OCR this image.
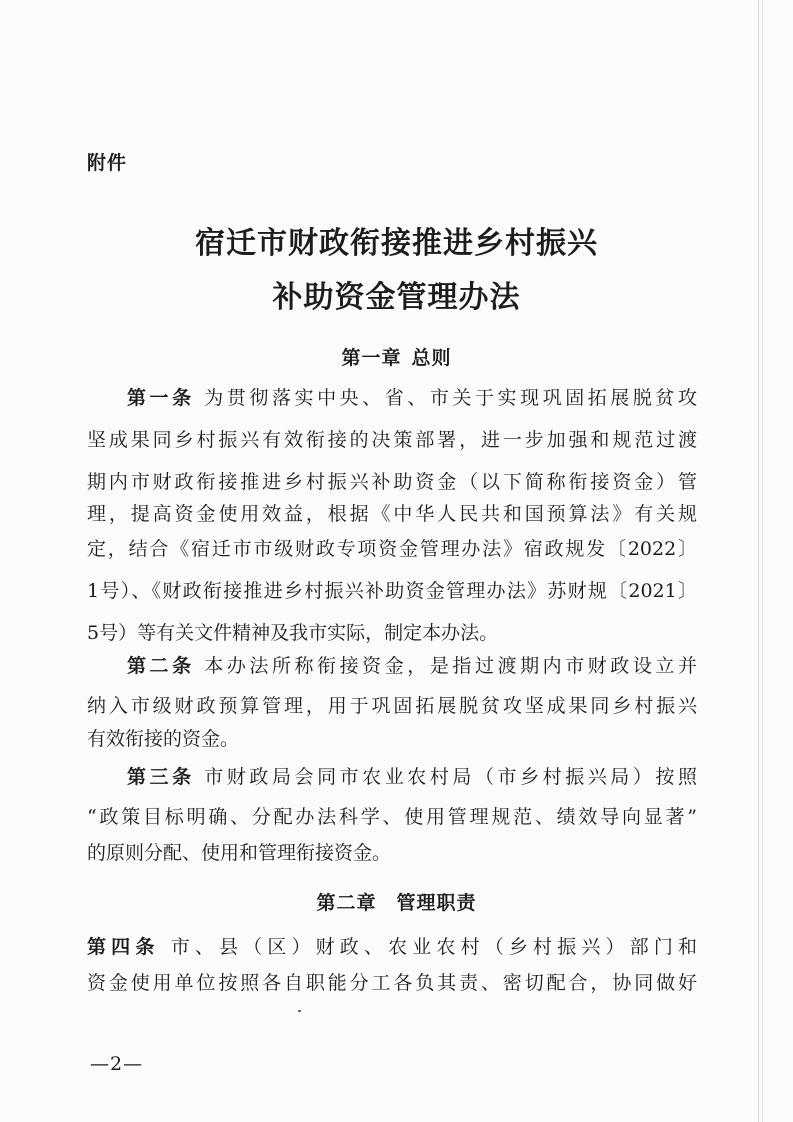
附件
宿迁市财政衔接推进乡村振兴
补助资金管理办法
第一章 总则
第一条 为贯彻落实中央、省、市关于实现巩固拓展脱贫攻
坚成果同乡村振兴有效衔接的决策部署，进一步加强和规范过渡
期内市财政衔接推进乡村振兴补助资金（以下简称衔接资金）管
理，提高资金使用效益，根据《中华人民共和国预算法》有关规
定，结合《宿迁市市级财政专项资金管理办法》宿政规发〔2022〕
1号）、《财政衔接推进乡村振兴补助资金管理办法》苏财规〔2021〕
5号）等有关文件精神及我市实际，制定本办法。
第二条 本办法所称衔接资金，是指过渡期内市财政设立并
纳入市级财政预算管理，用于巩固拓展脱贫攻坚成果同乡村振兴
有效衔接的资金。
第三条 市财政局会同市农业农村局（市乡村振兴局）按照
“政策目标明确、分配办法科学、使用管理规范、绩效导向显著”
的原则分配、使用和管理衔接资金。
第二章 管理职责
第四条 市、县（区）财政、农业农村（乡村振兴）部门和
资金使用单位按照各自职能分工各负其责、密切配合，协同做好
—2—
